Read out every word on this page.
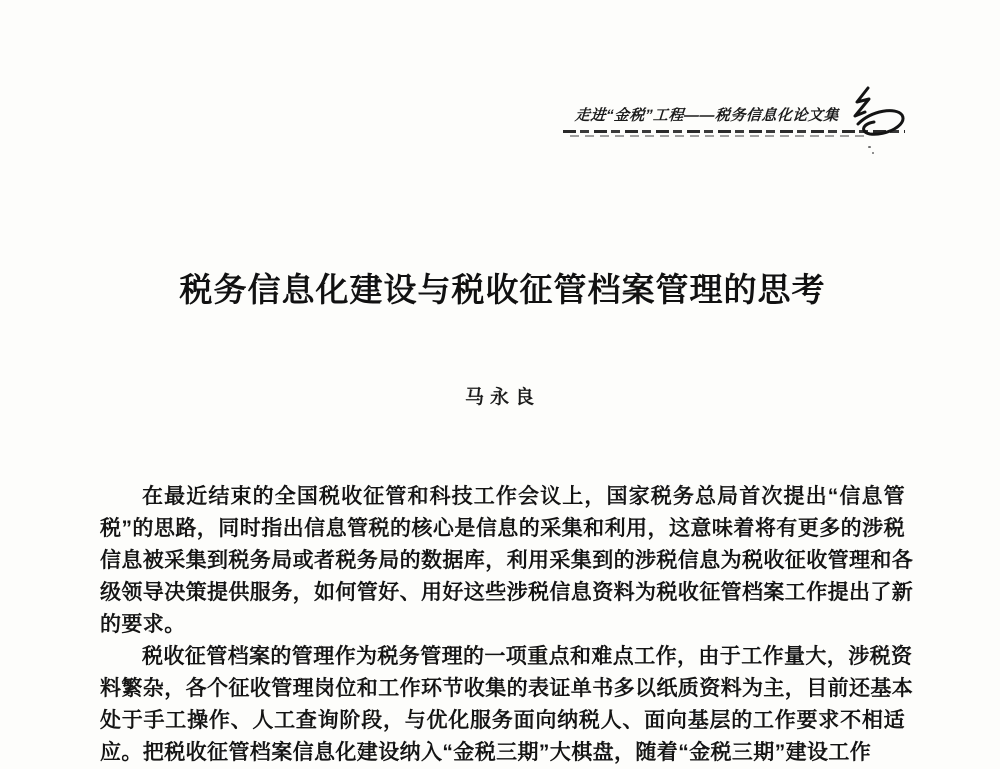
走进“金税”工程——税务信息化论文集
税务信息化建设与税收征管档案管理的思考
马永良
在最近结束的全国税收征管和科技工作会议上，国家税务总局首次提出“信息管
税”的思路，同时指出信息管税的核心是信息的采集和利用，这意味着将有更多的涉税
信息被采集到税务局或者税务局的数据库，利用采集到的涉税信息为税收征收管理和各
级领导决策提供服务，如何管好、用好这些涉税信息资料为税收征管档案工作提出了新
的要求。
税收征管档案的管理作为税务管理的一项重点和难点工作，由于工作量大，涉税资
料繁杂，各个征收管理岗位和工作环节收集的表证单书多以纸质资料为主，目前还基本
处于手工操作、人工查询阶段，与优化服务面向纳税人、面向基层的工作要求不相适
应。把税收征管档案信息化建设纳入“金税三期”大棋盘，随着“金税三期”建设工作
